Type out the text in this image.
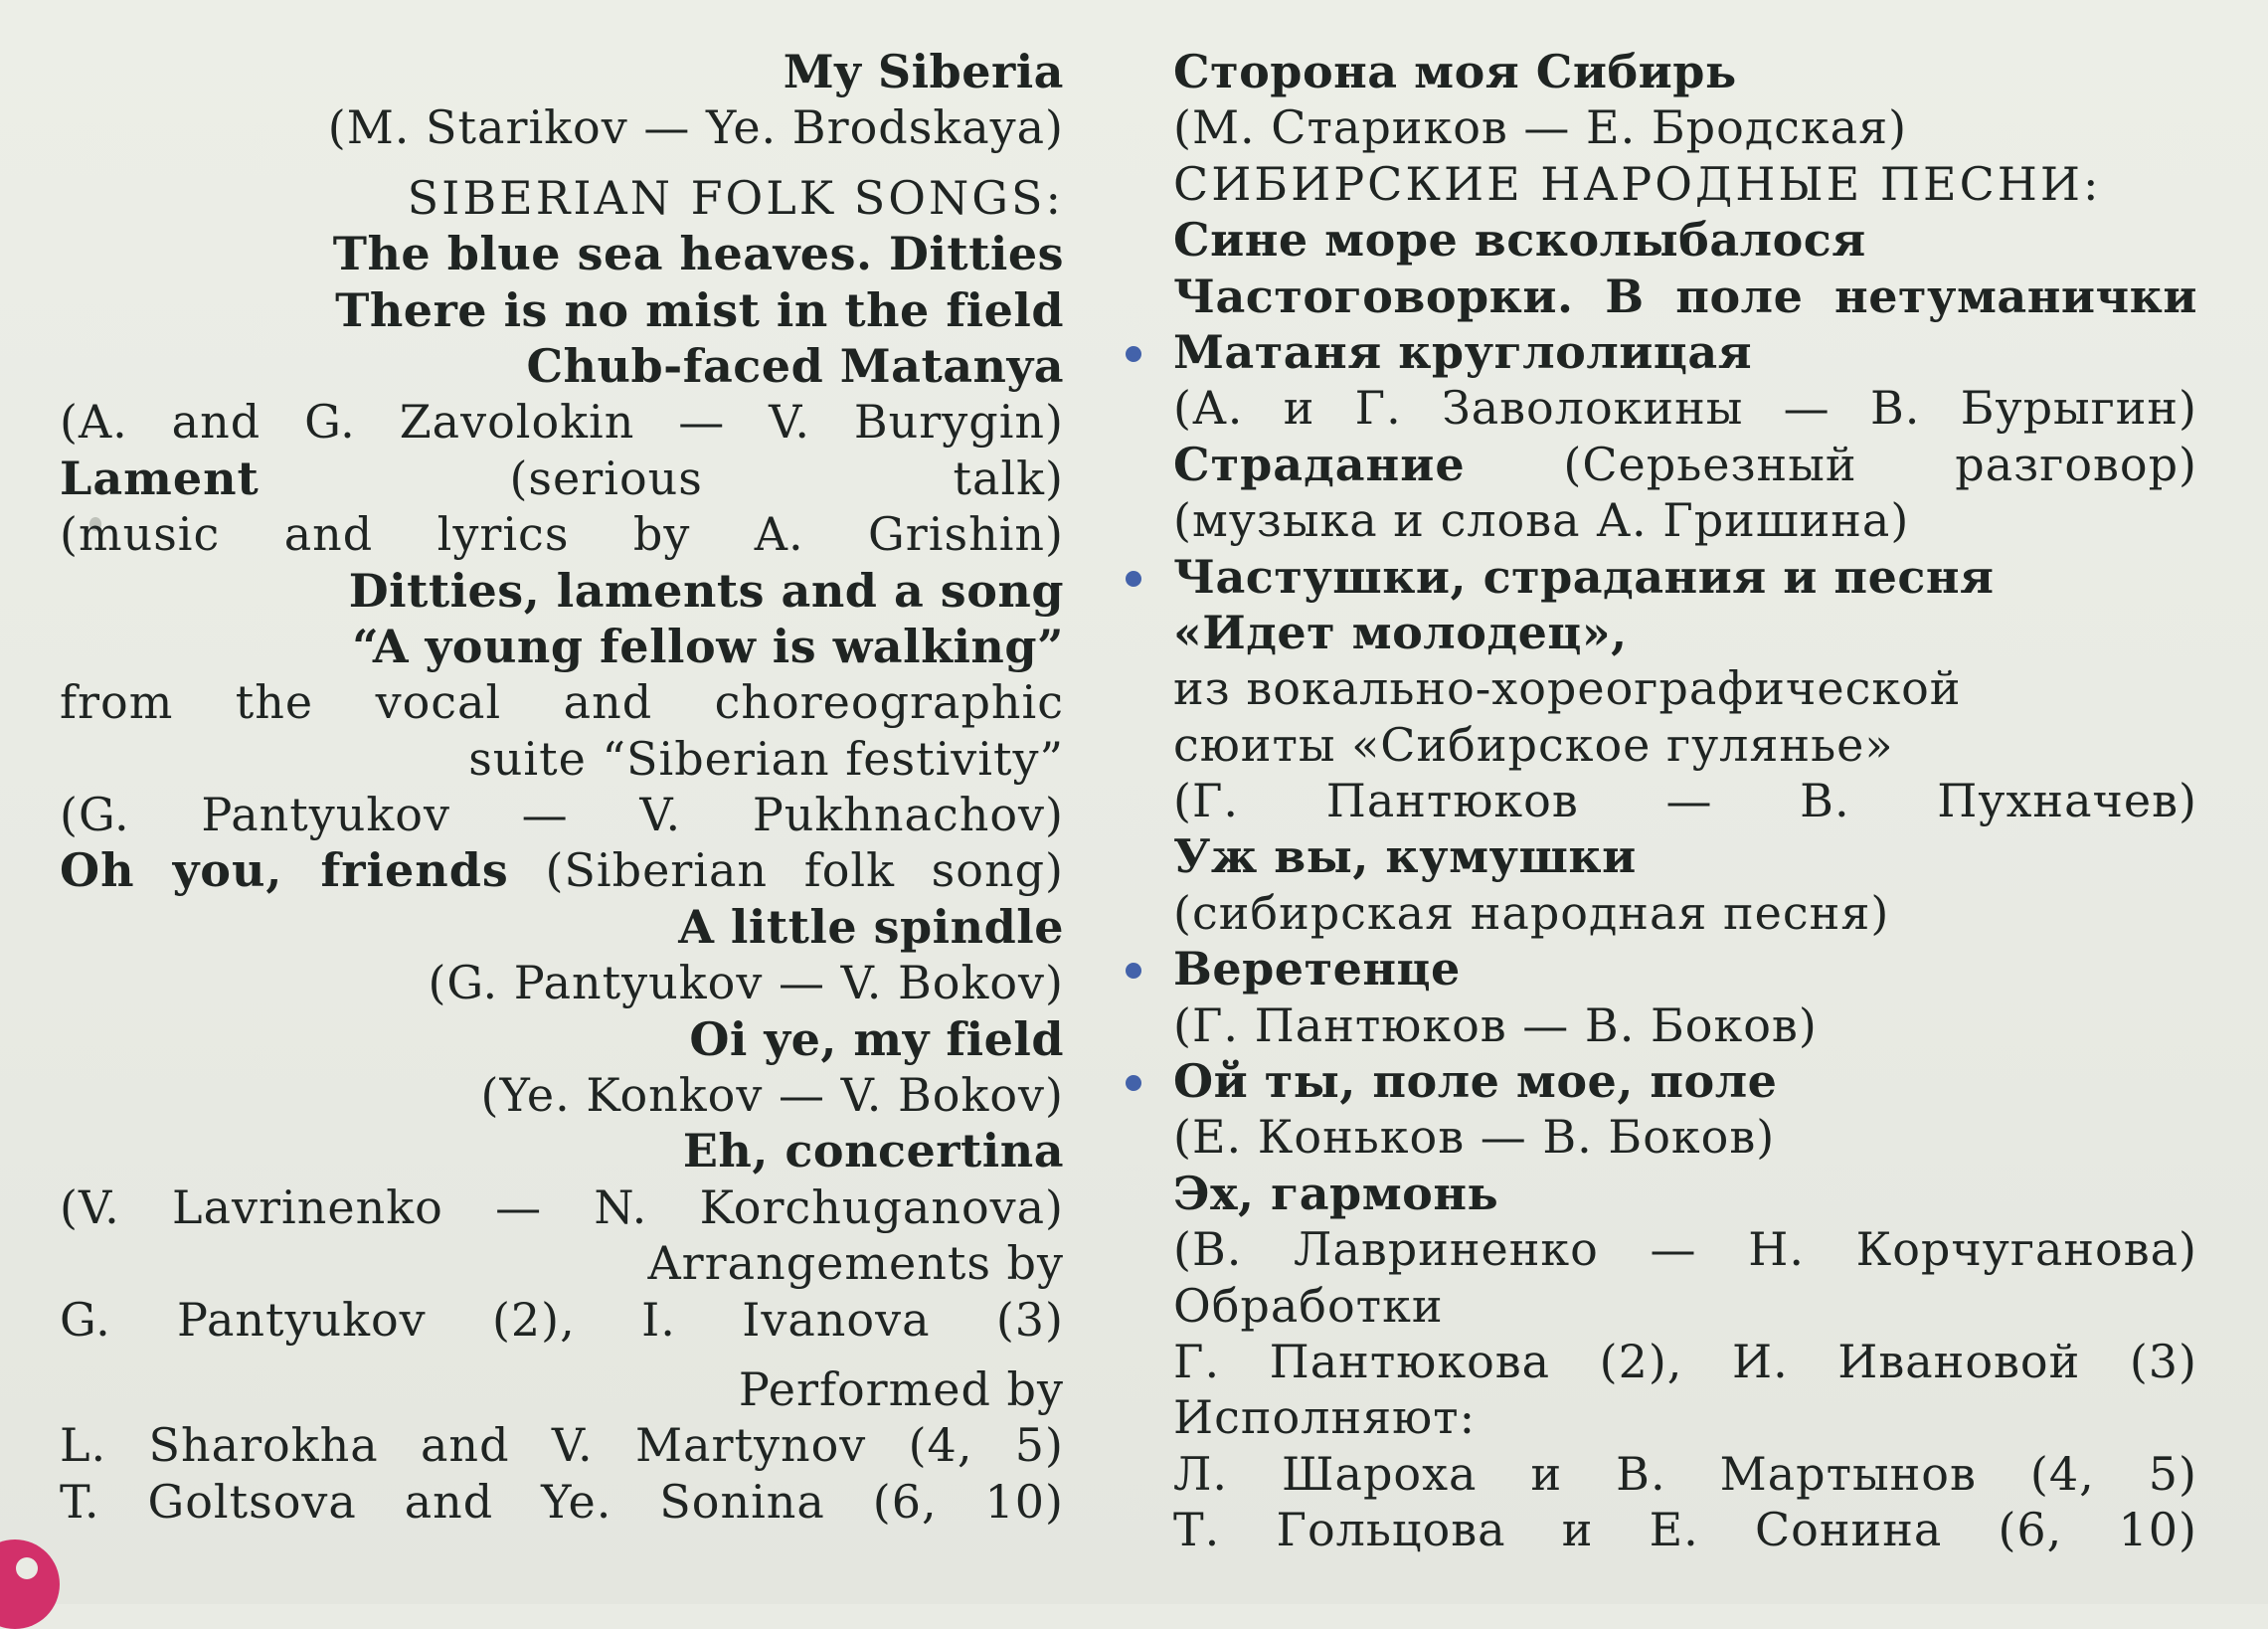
My Siberia
(M. Starikov — Ye. Brodskaya)
SIBERIAN FOLK SONGS:
The blue sea heaves. Ditties
There is no mist in the field
Chub-faced Matanya
(A. and G. Zavolokin — V. Burygin)
Lament	(serious talk)
(music and lyrics by A. Grishin)
Ditties, laments and a song
“A young fellow is walking”
from the vocal and choreographic
suite “Siberian festivity”
(G. Pantyukov — V. Pukhnachov)
Oh you, friends (Siberian folk song)
A little spindle
(G. Pantyukov — V. Bokov)
Oi ye, my field
(Ye. Konkov — V. Bokov)
Eh, concertina
(V. Lavrinenko — N. Korchuganova)
Arrangements by
G. Pantyukov (2), I. Ivanova (3)
Performed by
L. Sharokha and V. Martynov (4, 5)
T. Goltsova and Ye. Sonina (6, 10)
Сторона моя Сибирь
(М. Стариков — Е. Бродская)
СИБИРСКИЕ НАРОДНЫЕ ПЕСНИ:
Сине море всколыбалося
Частоговорки. В поле нетуманички
Матаня круглолицая
(А. и Г. Заволокины — В. Бурыгин)
Страдание (Серьезный разговор)
(музыка и слова А. Гришина)
Частушки, страдания и песня
«Идет молодец»,
из вокально-хореографической
сюиты «Сибирское гулянье»
(Г. Пантюков — В. Пухначев)
Уж вы, кумушки
(сибирская народная песня)
Веретенце
(Г. Пантюков — В. Боков)
Ой ты, поле мое, поле
(Е. Коньков — В. Боков)
Эх, гармонь
(В. Лавриненко — Н. Корчуганова)
Обработки
Г. Пантюкова (2), И. Ивановой (3)
Исполняют:
Л. Шароха и В. Мартынов (4, 5)
Т. Гольцова и Е. Сонина (6, 10)
